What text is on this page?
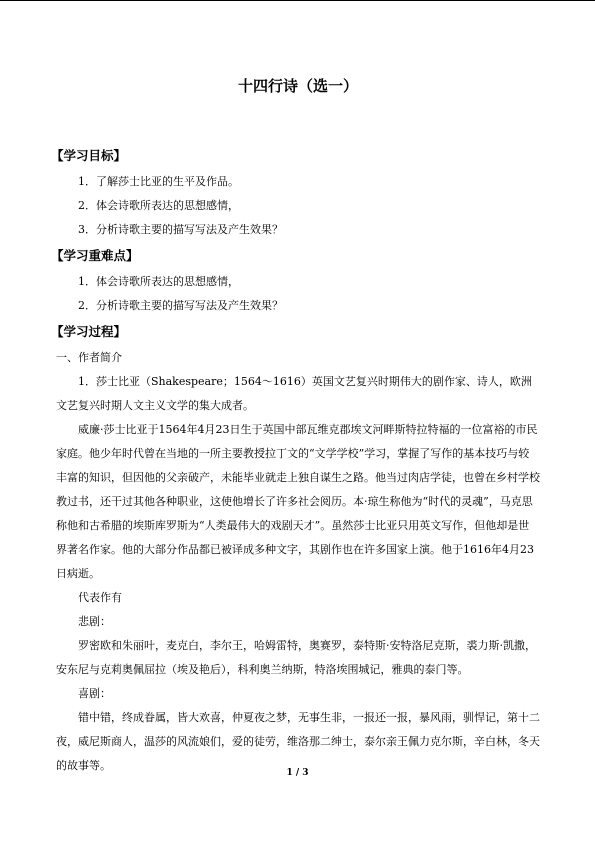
十四行诗（选一）
【学习目标】
1．了解莎士比亚的生平及作品。
2．体会诗歌所表达的思想感情，
3．分析诗歌主要的描写写法及产生效果？
【学习重难点】
1．体会诗歌所表达的思想感情，
2．分析诗歌主要的描写写法及产生效果？
【学习过程】

一、作者简介

1．莎士比亚（Shakespeare；1564～1616）英国文艺复兴时期伟大的剧作家、诗人，欧洲文艺复兴时期人文主义文学的集大成者。

威廉·莎士比亚于1564年4月23日生于英国中部瓦维克郡埃文河畔斯特拉特福的一位富裕的市民家庭。他少年时代曾在当地的一所主要教授拉丁文的“文学学校”学习，掌握了写作的基本技巧与较丰富的知识，但因他的父亲破产，未能毕业就走上独自谋生之路。他当过肉店学徒，也曾在乡村学校教过书，还干过其他各种职业，这使他增长了许多社会阅历。本·琼生称他为“时代的灵魂”，马克思称他和古希腊的埃斯库罗斯为“人类最伟大的戏剧天才”。虽然莎士比亚只用英文写作，但他却是世界著名作家。他的大部分作品都已被译成多种文字，其剧作也在许多国家上演。他于1616年4月23日病逝。

代表作有

悲剧：

罗密欧和朱丽叶，麦克白，李尔王，哈姆雷特，奥赛罗，泰特斯·安特洛尼克斯，裘力斯·凯撒，安东尼与克莉奥佩屈拉（埃及艳后），科利奥兰纳斯，特洛埃围城记，雅典的泰门等。

喜剧：

错中错，终成眷属，皆大欢喜，仲夏夜之梦，无事生非，一报还一报，暴风雨，驯悍记，第十二夜，威尼斯商人，温莎的风流娘们，爱的徒劳，维洛那二绅士，泰尔亲王佩力克尔斯，辛白林，冬天的故事等。

1 / 3
